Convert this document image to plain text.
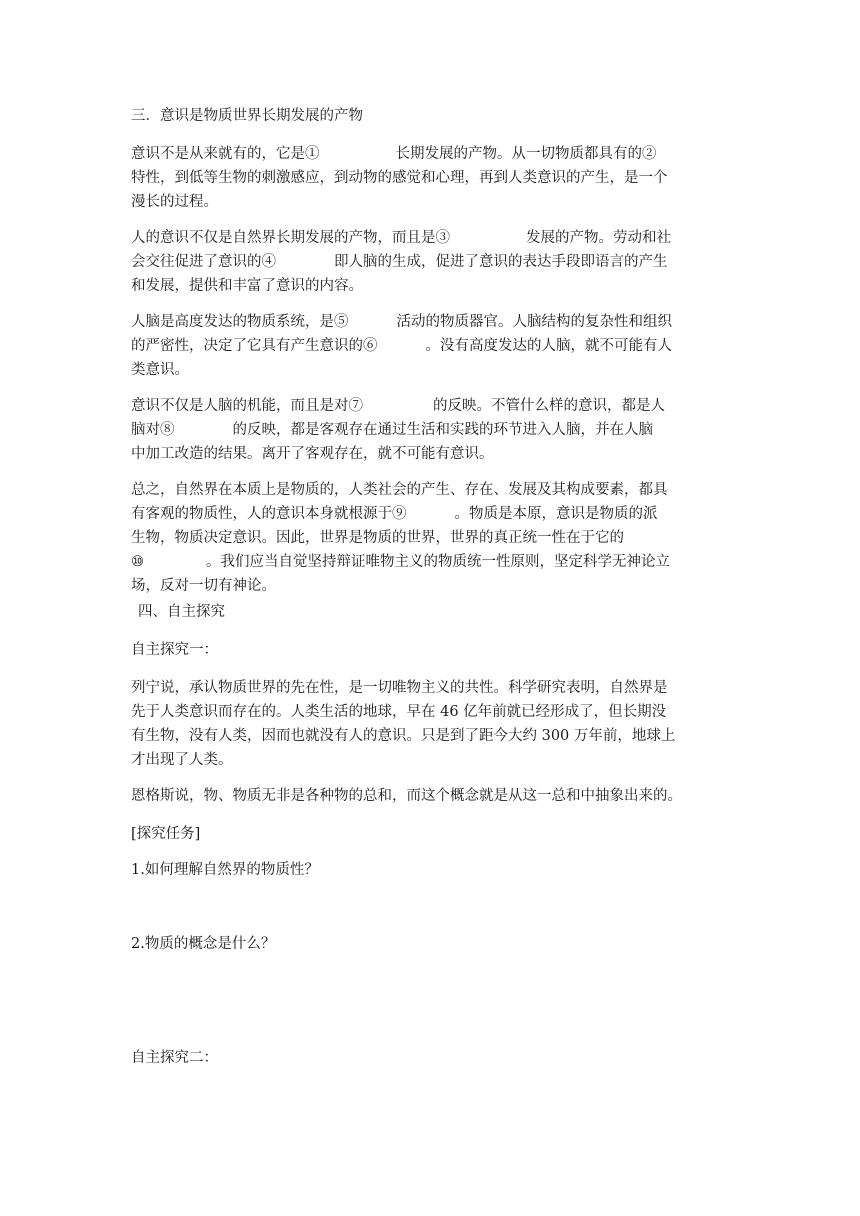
三．意识是物质世界长期发展的产物
意识不是从来就有的，它是①	长期发展的产物。从一切物质都具有的②
特性，到低等生物的刺激感应，到动物的感觉和心理，再到人类意识的产生，是一个
漫长的过程。
人的意识不仅是自然界长期发展的产物，而且是③	发展的产物。劳动和社
会交往促进了意识的④	即人脑的生成，促进了意识的表达手段即语言的产生
和发展，提供和丰富了意识的内容。
人脑是高度发达的物质系统，是⑤	活动的物质器官。人脑结构的复杂性和组织
的严密性，决定了它具有产生意识的⑥	。没有高度发达的人脑，就不可能有人
类意识。
意识不仅是人脑的机能，而且是对⑦	的反映。不管什么样的意识，都是人
脑对⑧	的反映，都是客观存在通过生活和实践的环节进入人脑，并在人脑
中加工改造的结果。离开了客观存在，就不可能有意识。
总之，自然界在本质上是物质的，人类社会的产生、存在、发展及其构成要素，都具
有客观的物质性，人的意识本身就根源于⑨	。物质是本原，意识是物质的派
生物，物质决定意识。因此，世界是物质的世界，世界的真正统一性在于它的
⑩	。我们应当自觉坚持辩证唯物主义的物质统一性原则，坚定科学无神论立
场，反对一切有神论。
四、自主探究
自主探究一：
列宁说，承认物质世界的先在性，是一切唯物主义的共性。科学研究表明，自然界是
先于人类意识而存在的。人类生活的地球，早在 46 亿年前就已经形成了，但长期没
有生物，没有人类，因而也就没有人的意识。只是到了距今大约 300 万年前，地球上
才出现了人类。
恩格斯说，物、物质无非是各种物的总和，而这个概念就是从这一总和中抽象出来的。
[探究任务]
1.如何理解自然界的物质性？
2.物质的概念是什么？
自主探究二：
